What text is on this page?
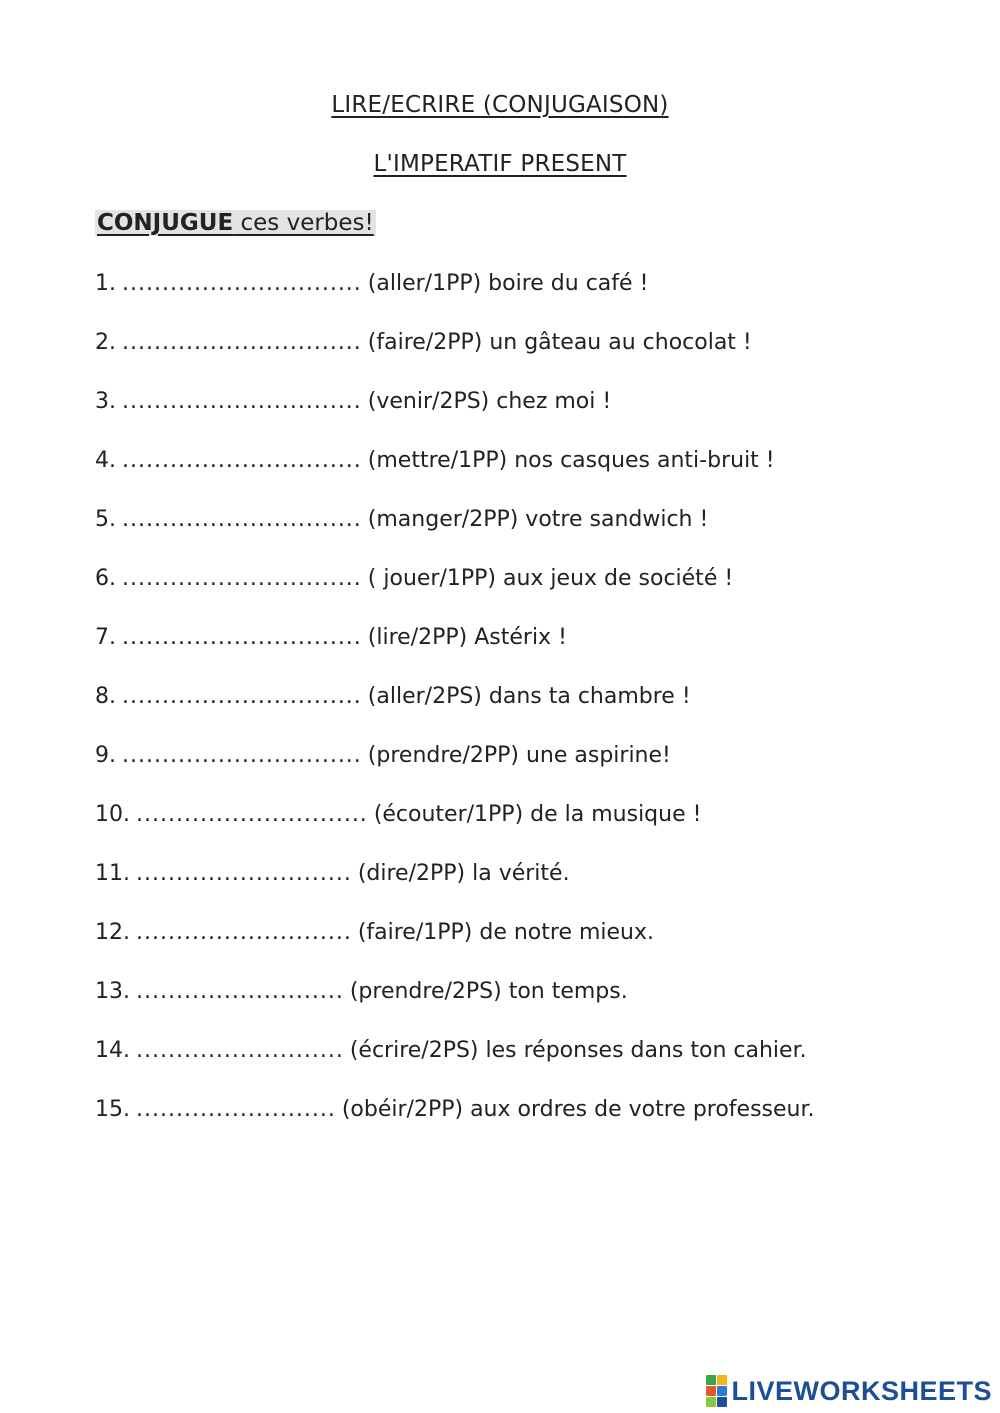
LIRE/ECRIRE (CONJUGAISON)
L'IMPERATIF PRESENT
CONJUGUE ces verbes!
1. .............................. (aller/1PP) boire du café !
2. .............................. (faire/2PP) un gâteau au chocolat !
3. .............................. (venir/2PS) chez moi !
4. .............................. (mettre/1PP) nos casques anti-bruit !
5. .............................. (manger/2PP) votre sandwich !
6. .............................. ( jouer/1PP) aux jeux de société !
7. .............................. (lire/2PP) Astérix !
8. .............................. (aller/2PS) dans ta chambre !
9. .............................. (prendre/2PP) une aspirine!
10. ............................. (écouter/1PP) de la musique !
11. ........................... (dire/2PP) la vérité.
12. ........................... (faire/1PP) de notre mieux.
13. .......................... (prendre/2PS) ton temps.
14. .......................... (écrire/2PS) les réponses dans ton cahier.
15. ......................... (obéir/2PP) aux ordres de votre professeur.
LIVEWORKSHEETS
